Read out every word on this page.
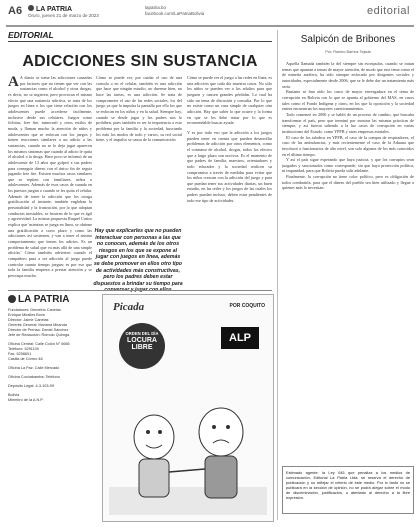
A6	LA PATRIA
Oruro, jueves 21 de marzo de 2023
lapatria.bo
facebook.com/LaPatriaBolivia	editorial
EDITORIAL
ADICCIONES SIN SUSTANCIA
A A diario se toma las adicciones causadas por factores que no tienen que ver con las sustancias como el alcohol y otras drogas, es decir, no se ingieren, pero provocan el mismo efecto que una sustancia adictiva, se trata de los juegos en línea o los que tiene relación con los adolescentes puede accederse facilmente, inclusive desde sus celulares. Juegos como fichitas, free fire, minecraft y otros estilos de moda, y llaman mucho la atención de niños y adolescentes que se enfocan con los juegos y tienen reacciones similares a un adicto a las sustancias, cuando no se le deja jugar aparecen los mismos síntomas que cuando al adicto le quita el alcohol o la droga. Hace poco se informó de un adolescente de 13 años que golpeó a sus padres para conseguir dinero con el único fin de seguir jugando free fire. Existen muchos casos similares que se repiten con familiares, niños o adolescentes. Además de esos casos de cuando en los puestos juegan o cuando se les quita el celular. Además de tener la adicción que los otorga gratificación al instante, también engloban la personalidad y la frustración, por lo que adoptan conductas inestables, se frustran de lo que es ágil y agresividad. La misma propuesta Raquel Castro explica que 'mientras se juega en línea, se obtiene una gratificación a corto plazo y como las adicciones así sostienen, y van a tener el mismo comportamiento que tienen los adictos. Es un problema de salud que va más allá de una simple afición.' Cómo también advierten cuando el compañero pasa a ser adicción al juego puede controlar cuanto tiempo juegan; es por eso que toda la familia empieza a prestar atención y se preocupa mucho.
Cómo se puede ver, por cuidar el uso de una consola o en el celular, también es una adicción que hace que ningún estudio, no duerme bien, no hace las tareas, es una adicción. Se trata de comprometer el uso de las redes sociales, los del juego ya que la impulsa la pantalla por ello los que se enfocan en los niños y en la salud. Siempre hay, cuando se desde jugar y los padres nos lo prohíben, pues también es ser la impotencia a esto problema por la familia y la sociedad, buscando los más los modos de todo y varios, su red social tiene, y el impulso se causa de la comunicación.
Hay que explicarles que no pueden interactuar con personas a las que no conocen, además de los otros riesgos en los que se expone al jugar con juegos en línea, además se debe promover en ellos otro tipo de actividades más constructivas, pero los padres deben estar dispuestos a brindar su tiempo para

Cómo se puede ver el juego a las redes en línea, es una adicción que cada día muestra casos. No sólo los niños se pueden ver a los adultos para que jueguen y causen grandes pérdidas. Lo cual ha sido un tema de discusión y consulta. Por lo que no existe como un cura simple de cualquier otra adicción. Hay que saber lo que ocurre y la forma en que se les debe tratar por lo que es recomendable buscar ayuda.

Y es por todo eso que la adicción a los juegos pueden tener en cuenta que pueden desarrollar problemas de adicción por otros elementos, como el consumo de alcohol, drogas, todos los efectos que a largo plazo son nocivos. Es el momento de que padres de familia, maestros, orientadores y todo educador y la sociedad realicen su compromiso a través de medidas para evitar que los niños crezcan con la adicción del juego y para que puedan tener sus actividades diarias, un buen estudio, en las redes y los juegos de las cuales los padres puedan incluso, deben estar pendientes de todo ese tipo de actividades.

LA PATRIA
Fundadores: Demetrio Canelas
Enrique Miralles Bove
Director: Jaime Canelas
Gerente General: Mariana Miranda
Director de Prensa: Daniel Sánchez
Jefe de Redacción: Rómulo Quiroga
Oficina Central: Calle Colón N° 6665
Teléfono: 5251100
Fax: 5258601
Casilla de Correo 48
Oficina La Paz: Calle Mercado
Oficina Cochabamba: Teléfono
Depósito Legal: 4-3-103-99
Bolivia
Miembro de la A.N.P.
Picada	POR COQUITO
ORDEN DEL DÍA
LOCURA LIBRE
ALP
Salpicón de Bribones
Por: Ramiro Barrios Tejada

Aquella llamada también la del siempre sin escrúpulos, cuando se tratan temas que apuntan a temas de mayor atención, de modo que este tema como el de minería aurífera, ha sido siempre enfocado por dirigentes sociales y autoridades, especialmente desde 2006, que se le debe dar un tratamiento más serio.

Bastante se han oído los casos de mayor envergadura en el tema de corrupción en Bolivia con lo que se apunta al gobierno del MAS, en casos tales como el Fondo Indígena y otros, en los que la oposición y la sociedad entera encuentran los mayores cuestionamientos.

Todo comenzó en 2006 y se habló de un proceso de cambio, que buscaba transformar el país, pero que terminó por mostrar las mismas prácticas de siempre, y así fueron saliendo a la luz casos de corrupción en varias instituciones del Estado, como YPFB y otras empresas estatales.

El caso de los taladros en YPFB, el caso de la compra de respiradores, el caso de las ambulancias, y más recientemente el caso de la Aduana que involucró a funcionarios de alto nivel, son solo algunos de los más conocidos en el último tiempo.

Y así el país sigue esperando que haya justicia, y que los corruptos sean juzgados y sancionados como corresponde, sin que haya protección política, ni impunidad, para que Bolivia pueda salir adelante.

Finalmente, la corrupción no tiene color político, pero es obligación de todos combatirla, para que el dinero del pueblo sea bien utilizado y llegue a quienes más lo necesitan.

Estimado agente: la Ley 045 que penaliza a los medios de comunicación, Editorial La Patria Ltda. se reserva el derecho de publicación y no reflejar el criterio de este medio. Por lo tanto no se publicará en la sección de opinión, no se podrá alegar sobre el modo de discriminación, justificación, o atentado al derecho a la libre expresión.
